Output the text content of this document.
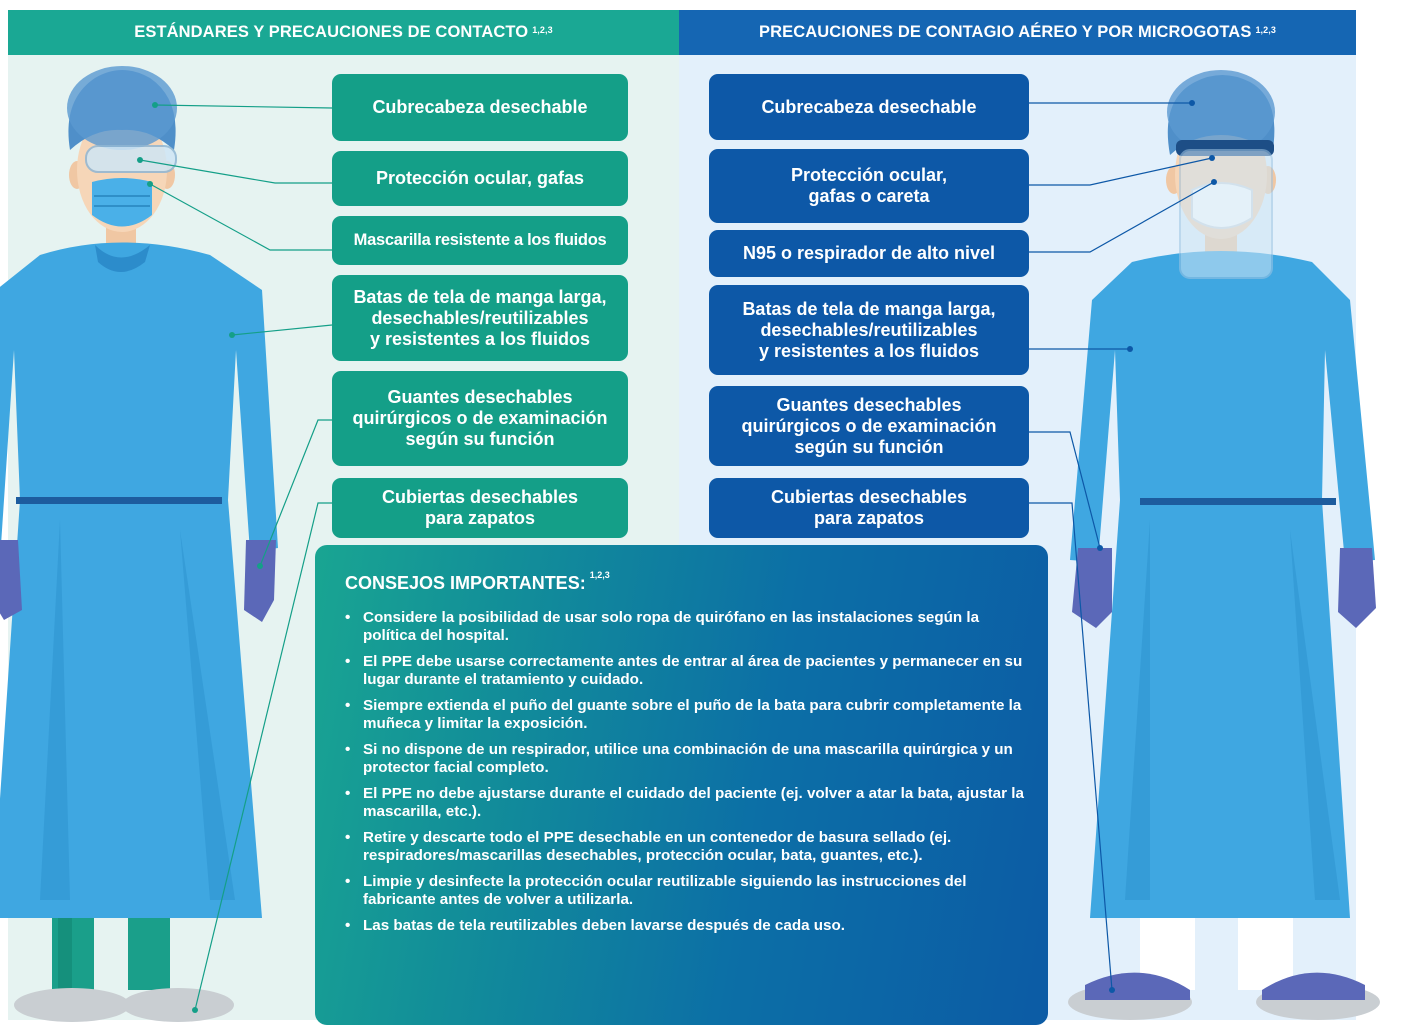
ESTÁNDARES Y PRECAUCIONES DE CONTACTO $^{1,2,3}$	PRECAUCIONES DE CONTAGIO AÉREO Y POR MICROGOTAS $^{1,2,3}$
Cubrecabeza desechable
Protección ocular, gafas
Mascarilla resistente a los fluidos
Batas de tela de manga larga,
desechables/reutilizables
y resistentes a los fluidos
Guantes desechables
quirúrgicos o de examinación
según su función
Cubiertas desechables
para zapatos
Cubrecabeza desechable
Protección ocular,
gafas o careta
N95 o respirador de alto nivel
Batas de tela de manga larga,
desechables/reutilizables
y resistentes a los fluidos
Guantes desechables
quirúrgicos o de examinación
según su función
Cubiertas desechables
para zapatos
CONSEJOS IMPORTANTES: $^{1,2,3}$
• Considere la posibilidad de usar solo ropa de quirófano en las instalaciones según la política del hospital.
• El PPE debe usarse correctamente antes de entrar al área de pacientes y permanecer en su lugar durante el tratamiento y cuidado.
• Siempre extienda el puño del guante sobre el puño de la bata para cubrir completamente la muñeca y limitar la exposición.
• Si no dispone de un respirador, utilice una combinación de una mascarilla quirúrgica y un protector facial completo.
• El PPE no debe ajustarse durante el cuidado del paciente (ej. volver a atar la bata, ajustar la mascarilla, etc.).
• Retire y descarte todo el PPE desechable en un contenedor de basura sellado (ej. respiradores/mascarillas desechables, protección ocular, bata, guantes, etc.).
• Limpie y desinfecte la protección ocular reutilizable siguiendo las instrucciones del fabricante antes de volver a utilizarla.
• Las batas de tela reutilizables deben lavarse después de cada uso.
